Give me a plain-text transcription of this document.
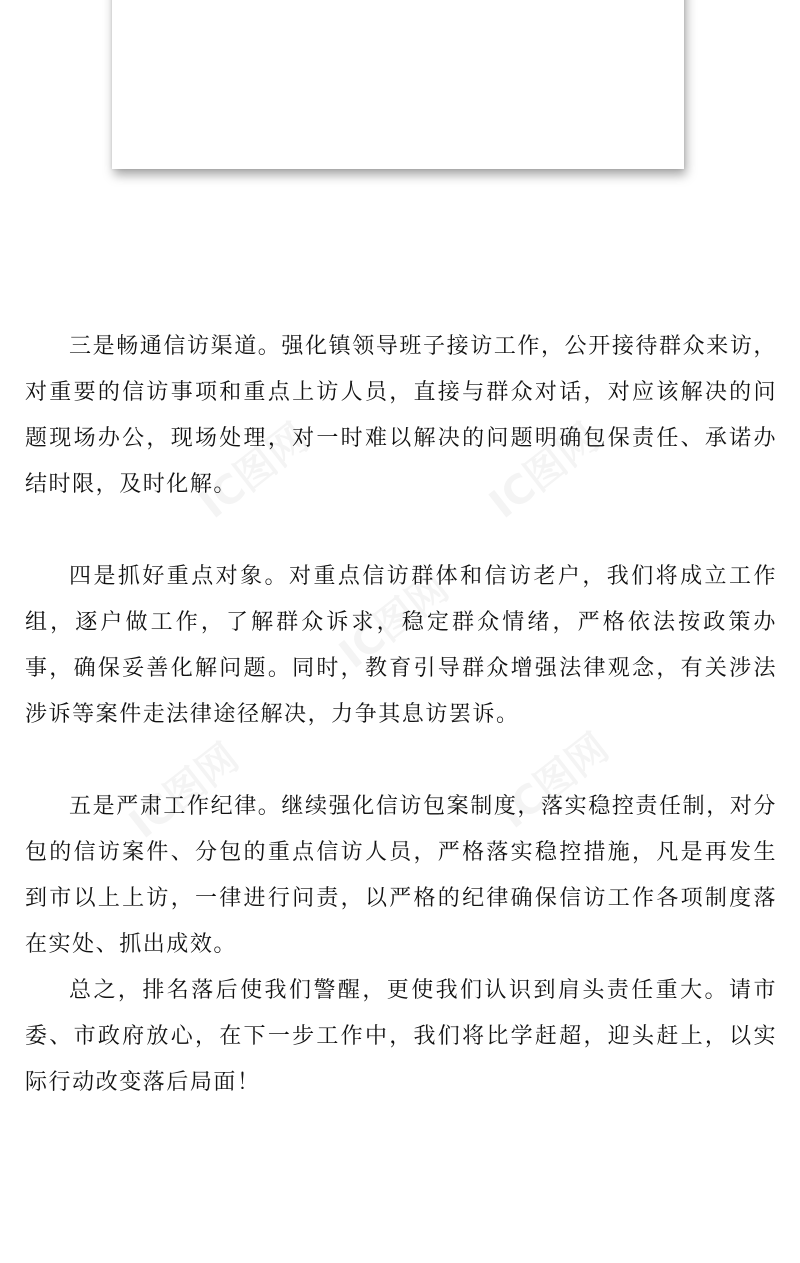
三是畅通信访渠道。强化镇领导班子接访工作，公开接待群众来访，对重要的信访事项和重点上访人员，直接与群众对话，对应该解决的问题现场办公，现场处理，对一时难以解决的问题明确包保责任、承诺办结时限，及时化解。

四是抓好重点对象。对重点信访群体和信访老户，我们将成立工作组，逐户做工作，了解群众诉求，稳定群众情绪，严格依法按政策办事，确保妥善化解问题。同时，教育引导群众增强法律观念，有关涉法涉诉等案件走法律途径解决，力争其息访罢诉。

五是严肃工作纪律。继续强化信访包案制度，落实稳控责任制，对分包的信访案件、分包的重点信访人员，严格落实稳控措施，凡是再发生到市以上上访，一律进行问责，以严格的纪律确保信访工作各项制度落在实处、抓出成效。

总之，排名落后使我们警醒，更使我们认识到肩头责任重大。请市委、市政府放心，在下一步工作中，我们将比学赶超，迎头赶上，以实际行动改变落后局面！
